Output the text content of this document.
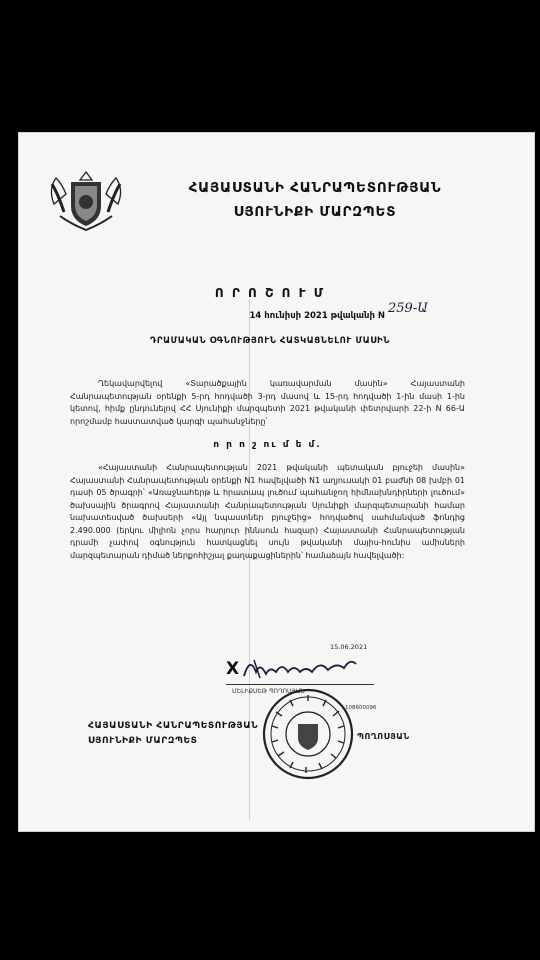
ՀԱՅԱՍՏԱՆԻ ՀԱՆՐԱՊԵՏՈՒԹՅԱՆ
ՍՅՈՒՆԻՔԻ ՄԱՐԶՊԵՏ
Ո Ր Ո Շ Ո Ւ Մ
14 հունիսի 2021 թվականի N 259-Ա
ԴՐԱՄԱԿԱՆ ՕԳՆՈՒԹՅՈՒՆ ՀԱՏԿԱՑՆԵԼՈՒ ՄԱՍԻՆ
Ղեկավարվելով «Տարածքային կառավարման մասին» Հայաստանի Հանրապետության օրենքի 5-րդ հոդվածի 3-րդ մասով և 15-րդ հոդվածի 1-ին մասի 1-ին կետով, հիմք ընդունելով ՀՀ Սյունիքի մարզպետի 2021 թվականի փետրվարի 22-ի N 66-Ա որոշմամբ հաստատված կարգի պահանջները՝
ո ր ո շ ու մ ե մ.
«Հայաստանի Հանրապետության 2021 թվականի պետական բյուջեի մասին» Հայաստանի Հանրապետության օրենքի N1 հավելվածի N1 աղյուսակի 01 բաժնի 08 խմբի 01 դասի 05 ծրագրի՝ «Առաջնահերթ և հրատապ լուծում պահանջող հիմնախնդիրների լուծում» ծախսային ծրագրով Հայաստանի Հանրապետության Սյունիքի մարզպետարանի համար նախատեսված ծախսերի «Այլ նպաստներ բյուջեից» հոդվածով սահմանված ֆոնդից 2.490.000 (երկու միլիոն չորս հարյուր իննսուն հազար) Հայաստանի Հանրապետության դրամի չափով օգնություն հատկացնել սույն թվականի մայիս-հունիս ամիսների մարզպետարան դիմած ներքոհիշյալ քաղաքացիներին՝ համաձայն հավելվածի:
15.06.2021
X
ՄԵԼԻՔՍԵԹ ՊՈՂՈՍՅԱՆ
108600096
ՀԱՅԱՍՏԱՆԻ ՀԱՆՐԱՊԵՏՈՒԹՅԱՆ
ՍՅՈՒՆԻՔԻ ՄԱՐԶՊԵՏ	ՊՈՂՈՍՅԱՆ
